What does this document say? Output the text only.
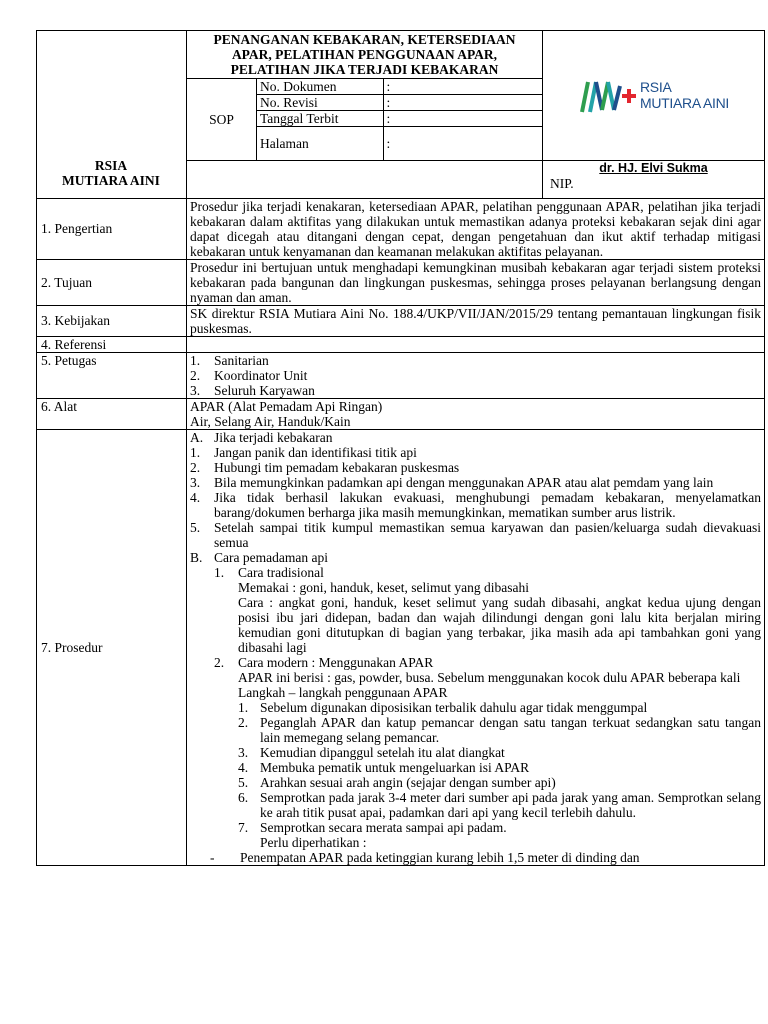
PENANGANAN KEBAKARAN, KETERSEDIAAN
APAR, PELATIHAN PENGGUNAAN APAR,
PELATIHAN JIKA TERJADI KEBAKARAN

RSIA
MUTIARA AINI

SOP	
No. Dokumen	:
No. Revisi	:
Tanggal Terbit	:
Halaman	:

dr. HJ. Elvi Sukma
NIP.

1. Pengertian	Prosedur jika terjadi kenakaran, ketersediaan APAR, pelatihan penggunaan APAR, pelatihan jika terjadi kebakaran dalam aktifitas yang dilakukan untuk memastikan adanya proteksi kebakaran sejak dini agar dapat dicegah atau ditangani dengan cepat, dengan pengetahuan dan ikut aktif terhadap mitigasi kebakaran untuk kenyamanan dan keamanan melakukan aktifitas pelayanan.
2. Tujuan	Prosedur ini bertujuan untuk menghadapi kemungkinan musibah kebakaran agar terjadi sistem proteksi kebakaran pada bangunan dan lingkungan puskesmas, sehingga proses pelayanan berlangsung dengan nyaman dan aman.
3. Kebijakan	SK direktur RSIA Mutiara Aini No. 188.4/UKP/VII/JAN/2015/29 tentang pemantauan lingkungan fisik puskesmas.
4. Referensi	
5. Petugas	1.	Sanitarian
2.	Koordinator Unit
3.	Seluruh Karyawan

6. Alat	APAR (Alat Pemadam Api Ringan)
Air, Selang Air, Handuk/Kain

7. Prosedur	
A. Jika terjadi kebakaran
1.	Jangan panik dan identifikasi titik api
2.	Hubungi tim pemadam kebakaran puskesmas
3.	Bila memungkinkan padamkan api dengan menggunakan APAR atau alat pemdam yang lain
4.	Jika tidak berhasil lakukan evakuasi, menghubungi pemadam kebakaran, menyelamatkan barang/dokumen berharga jika masih memungkinkan, mematikan sumber arus listrik.
5.	Setelah sampai titik kumpul memastikan semua karyawan dan pasien/keluarga sudah dievakuasi semua
B. Cara pemadaman api
1.	Cara tradisional
Memakai : goni, handuk, keset, selimut yang dibasahi
Cara : angkat goni, handuk, keset selimut yang sudah dibasahi, angkat kedua ujung dengan posisi ibu jari didepan, badan dan wajah dilindungi dengan goni lalu kita berjalan miring kemudian goni ditutupkan di bagian yang terbakar, jika masih ada api tambahkan goni yang dibasahi lagi
2.	Cara modern : Menggunakan APAR
APAR ini berisi : gas, powder, busa. Sebelum menggunakan kocok dulu APAR beberapa kali
Langkah – langkah penggunaan APAR
1. Sebelum digunakan diposisikan terbalik dahulu agar tidak menggumpal
2. Peganglah APAR dan katup pemancar dengan satu tangan terkuat sedangkan satu tangan lain memegang selang pemancar.
3. Kemudian dipanggul setelah itu alat diangkat
4. Membuka pematik untuk mengeluarkan isi APAR
5. Arahkan sesuai arah angin (sejajar dengan sumber api)
6. Semprotkan pada jarak 3-4 meter dari sumber api pada jarak yang aman. Semprotkan selang ke arah titik pusat apai, padamkan dari api yang kecil terlebih dahulu.
7. Semprotkan secara merata sampai api padam.
Perlu diperhatikan :
-	Penempatan APAR pada ketinggian kurang lebih 1,5 meter di dinding dan
RSIA
MUTIARA AINI
